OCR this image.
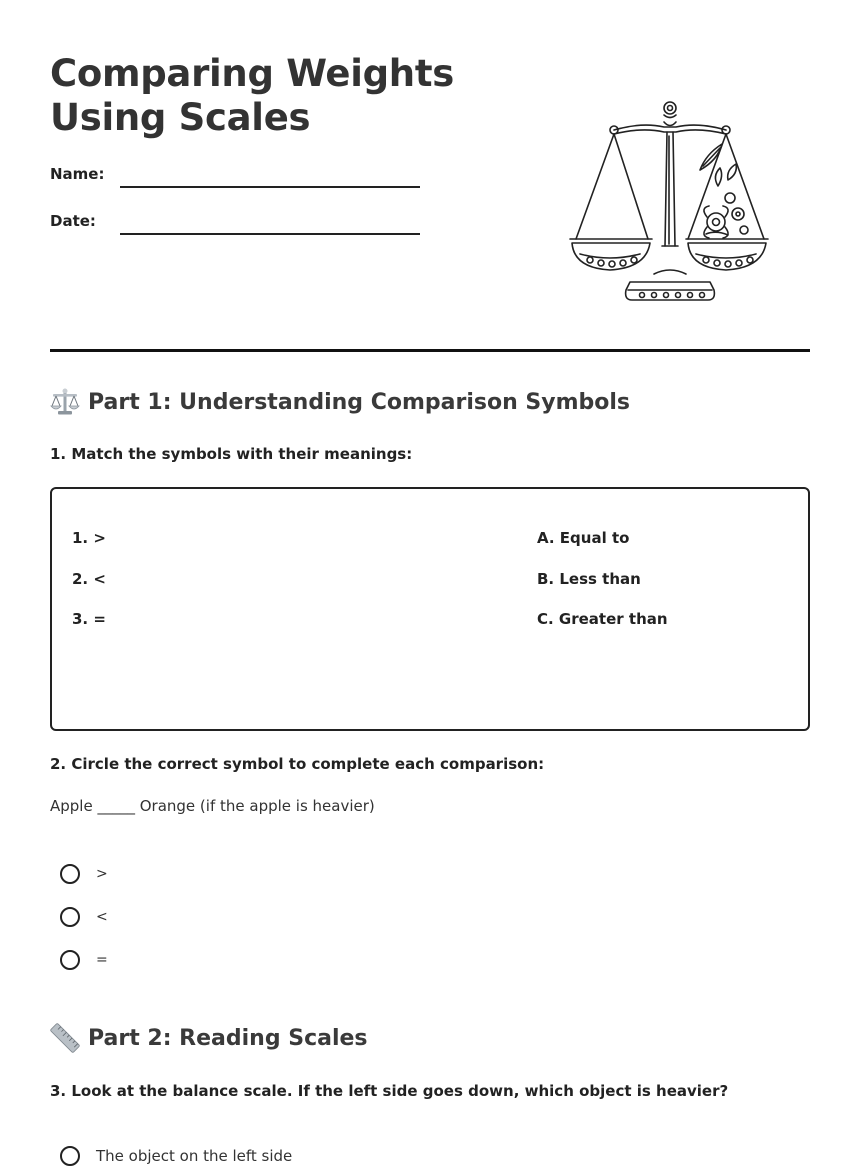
Comparing Weights
Using Scales
Name:
Date:
Part 1: Understanding Comparison Symbols
1. Match the symbols with their meanings:
1. >
2. <
3. =
A. Equal to
B. Less than
C. Greater than
2. Circle the correct symbol to complete each comparison:
Apple _____ Orange (if the apple is heavier)
>
<
=
Part 2: Reading Scales
3. Look at the balance scale. If the left side goes down, which object is heavier?
The object on the left side
